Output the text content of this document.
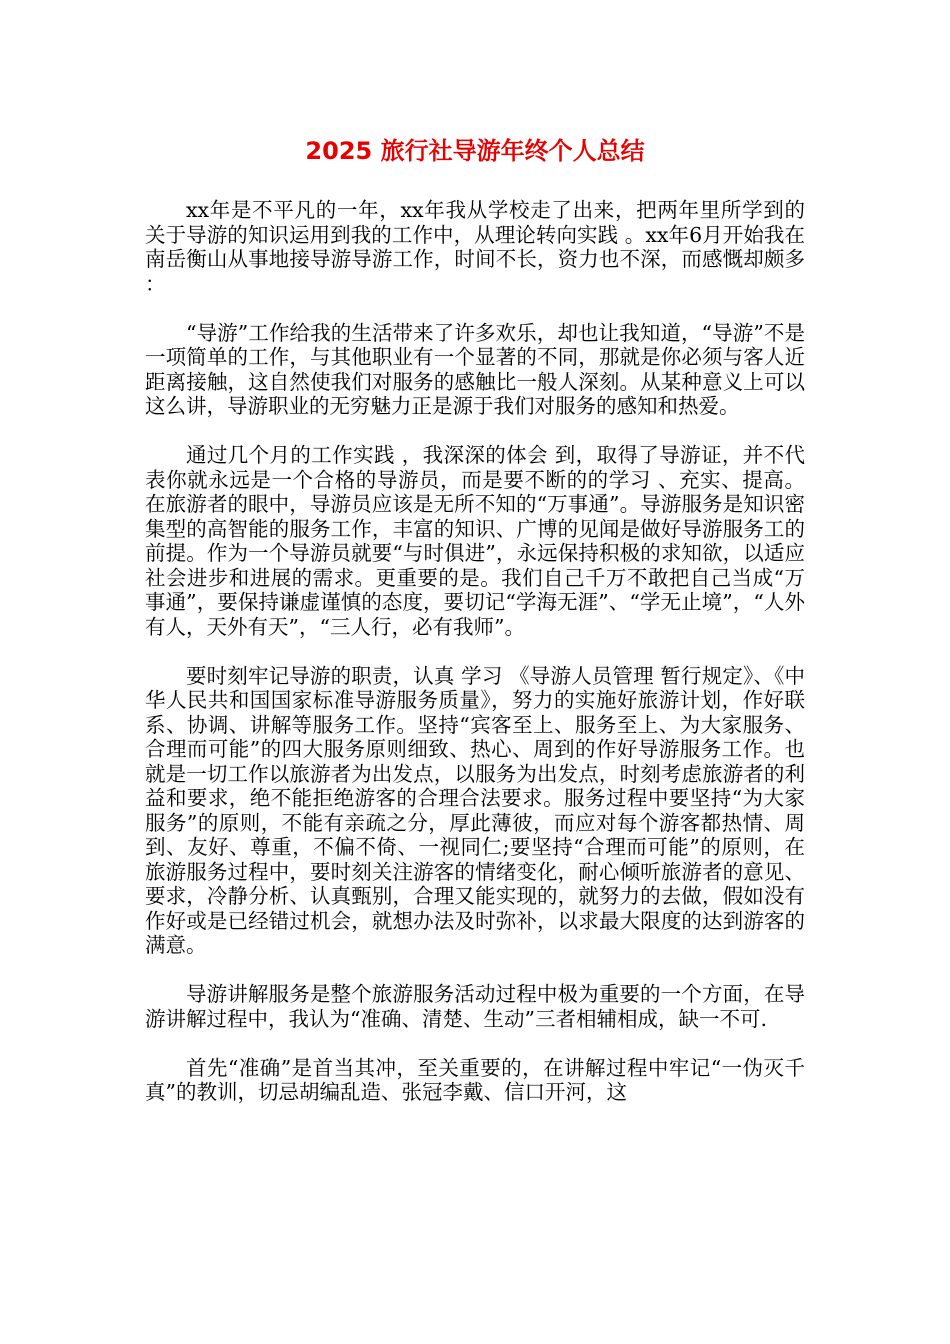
2025 旅行社导游年终个人总结

xx年是不平凡的一年，xx年我从学校走了出来，把两年里所学到的关于导游的知识运用到我的工作中，从理论转向实践 。xx年6月开始我在南岳衡山从事地接导游导游工作，时间不长，资力也不深，而感慨却颇多：

“导游”工作给我的生活带来了许多欢乐，却也让我知道，“导游”不是一项简单的工作，与其他职业有一个显著的不同，那就是你必须与客人近距离接触，这自然使我们对服务的感触比一般人深刻。从某种意义上可以这么讲，导游职业的无穷魅力正是源于我们对服务的感知和热爱。

通过几个月的工作实践 ，我深深的体会 到，取得了导游证，并不代表你就永远是一个合格的导游员，而是要不断的的学习 、充实、提高。在旅游者的眼中，导游员应该是无所不知的“万事通”。导游服务是知识密集型的高智能的服务工作，丰富的知识、广博的见闻是做好导游服务工的前提。作为一个导游员就要“与时俱进”，永远保持积极的求知欲，以适应社会进步和进展的需求。更重要的是。我们自己千万不敢把自己当成“万事通”，要保持谦虚谨慎的态度，要切记“学海无涯”、“学无止境”，“人外有人，天外有天”，“三人行，必有我师”。

要时刻牢记导游的职责，认真 学习 《导游人员管理 暂行规定》、《中华人民共和国国家标准导游服务质量》，努力的实施好旅游计划，作好联系、协调、讲解等服务工作。坚持“宾客至上、服务至上、为大家服务、合理而可能”的四大服务原则细致、热心、周到的作好导游服务工作。也就是一切工作以旅游者为出发点，以服务为出发点，时刻考虑旅游者的利益和要求，绝不能拒绝游客的合理合法要求。服务过程中要坚持“为大家服务”的原则，不能有亲疏之分，厚此薄彼，而应对每个游客都热情、周到、友好、尊重，不偏不倚、一视同仁;要坚持“合理而可能”的原则，在旅游服务过程中，要时刻关注游客的情绪变化，耐心倾听旅游者的意见、要求，冷静分析、认真甄别，合理又能实现的，就努力的去做，假如没有作好或是已经错过机会，就想办法及时弥补，以求最大限度的达到游客的满意。

导游讲解服务是整个旅游服务活动过程中极为重要的一个方面，在导游讲解过程中，我认为“准确、清楚、生动”三者相辅相成，缺一不可.

首先“准确”是首当其冲，至关重要的，在讲解过程中牢记“一伪灭千真”的教训，切忌胡编乱造、张冠李戴、信口开河，这
